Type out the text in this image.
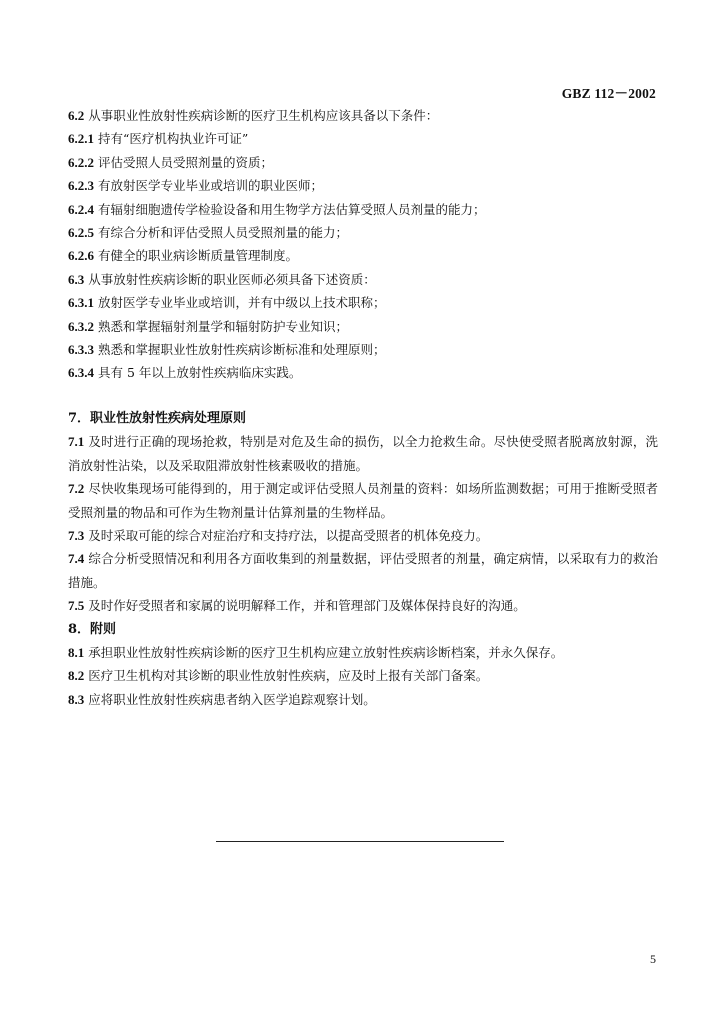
GBZ 112－2002

6.2 从事职业性放射性疾病诊断的医疗卫生机构应该具备以下条件：

6.2.1 持有“医疗机构执业许可证”

6.2.2 评估受照人员受照剂量的资质；

6.2.3 有放射医学专业毕业或培训的职业医师；

6.2.4 有辐射细胞遗传学检验设备和用生物学方法估算受照人员剂量的能力；

6.2.5 有综合分析和评估受照人员受照剂量的能力；

6.2.6 有健全的职业病诊断质量管理制度。

6.3 从事放射性疾病诊断的职业医师必须具备下述资质：

6.3.1 放射医学专业毕业或培训，并有中级以上技术职称；

6.3.2 熟悉和掌握辐射剂量学和辐射防护专业知识；

6.3.3 熟悉和掌握职业性放射性疾病诊断标准和处理原则；

6.3.4 具有 5 年以上放射性疾病临床实践。

7．职业性放射性疾病处理原则

7.1 及时进行正确的现场抢救，特别是对危及生命的损伤，以全力抢救生命。尽快使受照者脱离放射源，洗消放射性沾染，以及采取阻滞放射性核素吸收的措施。

7.2 尽快收集现场可能得到的，用于测定或评估受照人员剂量的资料：如场所监测数据；可用于推断受照者受照剂量的物品和可作为生物剂量计估算剂量的生物样品。

7.3 及时采取可能的综合对症治疗和支持疗法，以提高受照者的机体免疫力。

7.4 综合分析受照情况和利用各方面收集到的剂量数据，评估受照者的剂量，确定病情，以采取有力的救治措施。

7.5 及时作好受照者和家属的说明解释工作，并和管理部门及媒体保持良好的沟通。

8．附则

8.1 承担职业性放射性疾病诊断的医疗卫生机构应建立放射性疾病诊断档案，并永久保存。

8.2 医疗卫生机构对其诊断的职业性放射性疾病，应及时上报有关部门备案。

8.3 应将职业性放射性疾病患者纳入医学追踪观察计划。

5
